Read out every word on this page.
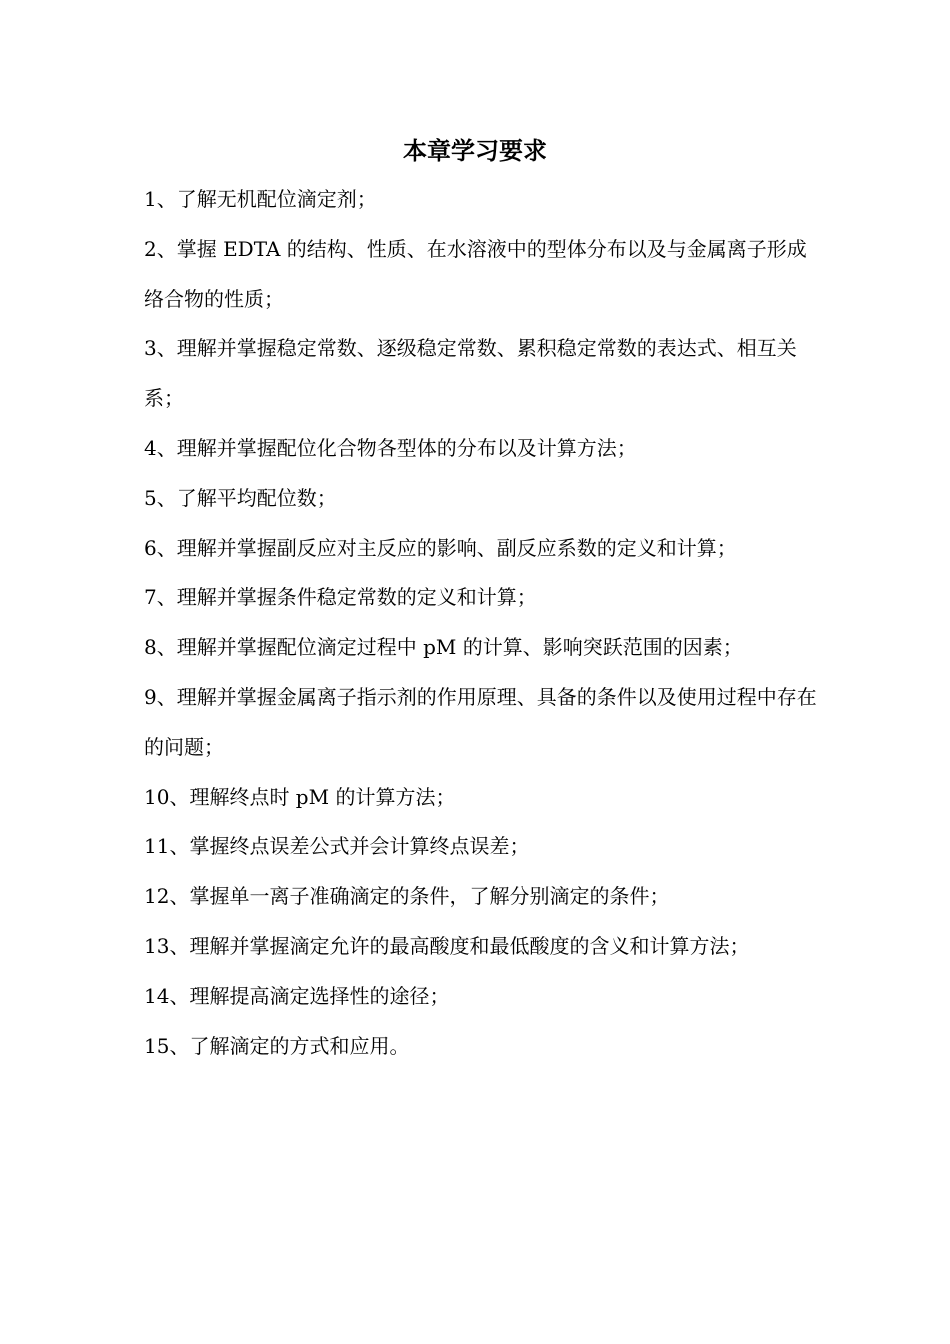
本章学习要求
1、了解无机配位滴定剂；
2、掌握 EDTA 的结构、性质、在水溶液中的型体分布以及与金属离子形成络合物的性质；
3、理解并掌握稳定常数、逐级稳定常数、累积稳定常数的表达式、相互关系；
4、理解并掌握配位化合物各型体的分布以及计算方法；
5、了解平均配位数；
6、理解并掌握副反应对主反应的影响、副反应系数的定义和计算；
7、理解并掌握条件稳定常数的定义和计算；
8、理解并掌握配位滴定过程中 pM 的计算、影响突跃范围的因素；
9、理解并掌握金属离子指示剂的作用原理、具备的条件以及使用过程中存在的问题；
10、理解终点时 pM 的计算方法；
11、掌握终点误差公式并会计算终点误差；
12、掌握单一离子准确滴定的条件，了解分别滴定的条件；
13、理解并掌握滴定允许的最高酸度和最低酸度的含义和计算方法；
14、理解提高滴定选择性的途径；
15、了解滴定的方式和应用。
